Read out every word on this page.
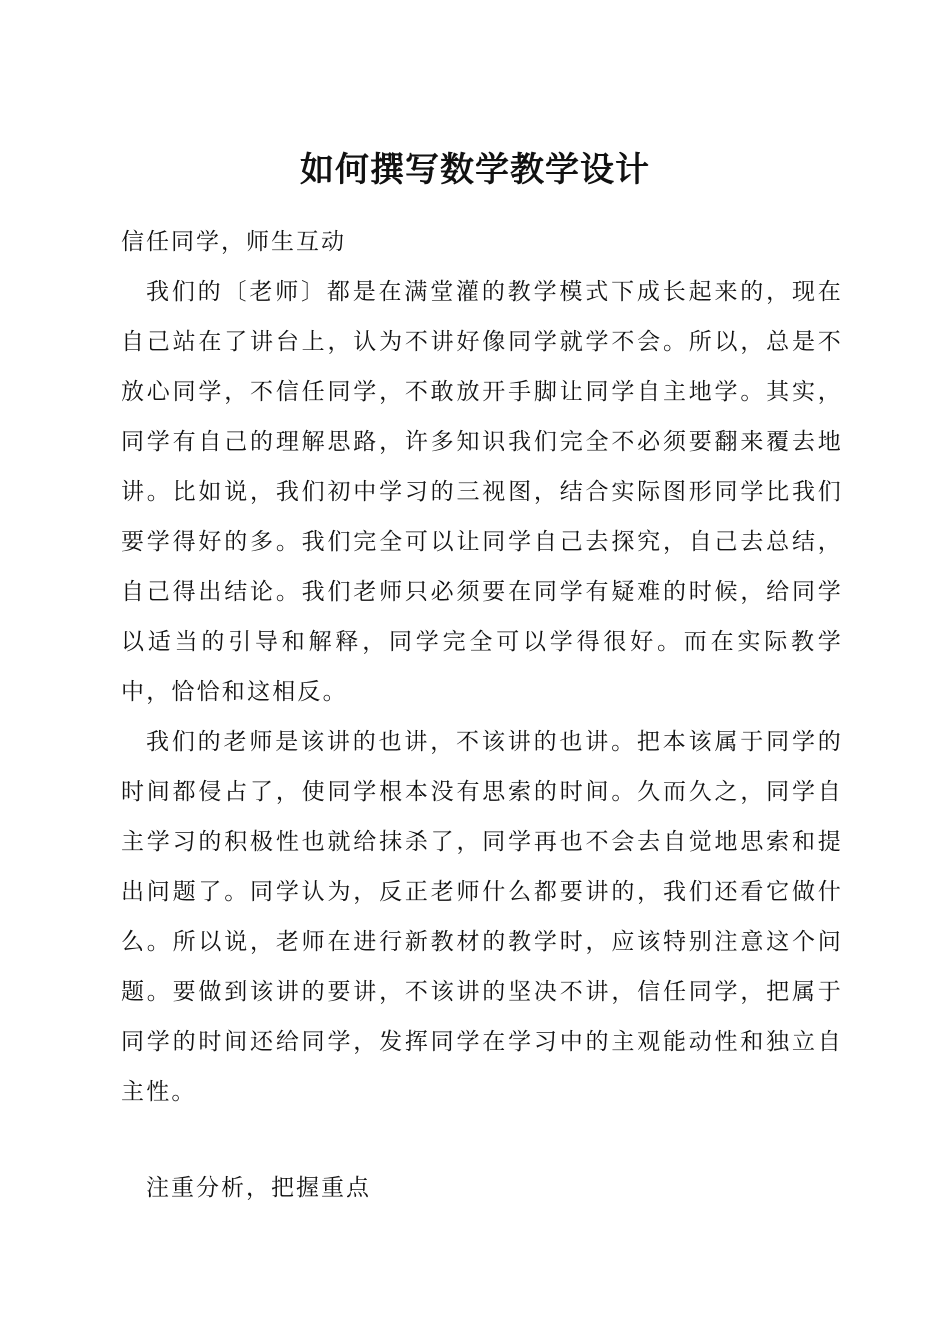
如何撰写数学教学设计
信任同学，师生互动

我们的〔老师〕都是在满堂灌的教学模式下成长起来的，现在自己站在了讲台上，认为不讲好像同学就学不会。所以，总是不放心同学，不信任同学，不敢放开手脚让同学自主地学。其实，同学有自己的理解思路，许多知识我们完全不必须要翻来覆去地讲。比如说，我们初中学习的三视图，结合实际图形同学比我们要学得好的多。我们完全可以让同学自己去探究，自己去总结，自己得出结论。我们老师只必须要在同学有疑难的时候，给同学以适当的引导和解释，同学完全可以学得很好。而在实际教学中，恰恰和这相反。

我们的老师是该讲的也讲，不该讲的也讲。把本该属于同学的时间都侵占了，使同学根本没有思索的时间。久而久之，同学自主学习的积极性也就给抹杀了，同学再也不会去自觉地思索和提出问题了。同学认为，反正老师什么都要讲的，我们还看它做什么。所以说，老师在进行新教材的教学时，应该特别注意这个问题。要做到该讲的要讲，不该讲的坚决不讲，信任同学，把属于同学的时间还给同学，发挥同学在学习中的主观能动性和独立自主性。

注重分析，把握重点
